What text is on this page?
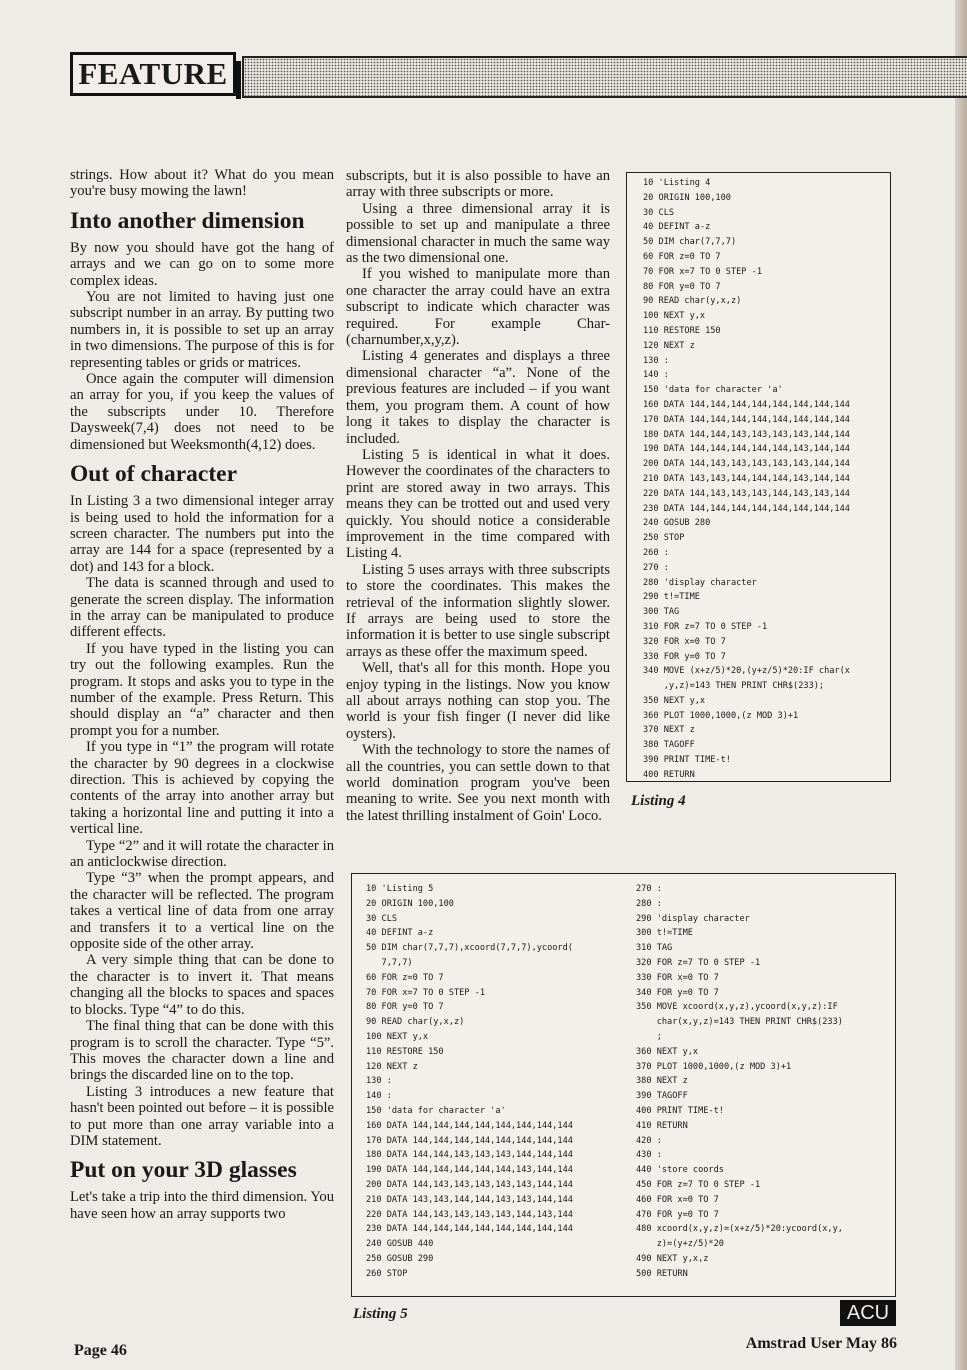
FEATURE

strings. How about it? What do you mean you're busy mowing the lawn!

Into another dimension

By now you should have got the hang of arrays and we can go on to some more complex ideas.

You are not limited to having just one subscript number in an array. By putting two numbers in, it is possible to set up an array in two dimensions. The purpose of this is for representing tables or grids or matrices.

Once again the computer will dimension an array for you, if you keep the values of the subscripts under 10. Therefore Daysweek(7,4) does not need to be dimensioned but Weeksmonth(4,12) does.

Out of character

In Listing 3 a two dimensional integer array is being used to hold the information for a screen character. The numbers put into the array are 144 for a space (represented by a dot) and 143 for a block.

The data is scanned through and used to generate the screen display. The information in the array can be manipulated to produce different effects.

If you have typed in the listing you can try out the following examples. Run the program. It stops and asks you to type in the number of the example. Press Return. This should display an “a” character and then prompt you for a number.

If you type in “1” the program will rotate the character by 90 degrees in a clockwise direction. This is achieved by copying the contents of the array into another array but taking a horizontal line and putting it into a vertical line.

Type “2” and it will rotate the character in an anticlockwise direction.

Type “3” when the prompt appears, and the character will be reflected. The program takes a vertical line of data from one array and transfers it to a vertical line on the opposite side of the other array.

A very simple thing that can be done to the character is to invert it. That means changing all the blocks to spaces and spaces to blocks. Type “4” to do this.

The final thing that can be done with this program is to scroll the character. Type “5”. This moves the character down a line and brings the discarded line on to the top.

Listing 3 introduces a new feature that hasn't been pointed out before – it is possible to put more than one array variable into a DIM statement.

Put on your 3D glasses

Let's take a trip into the third dimension. You have seen how an array supports two

subscripts, but it is also possible to have an array with three subscripts or more.

Using a three dimensional array it is possible to set up and manipulate a three dimensional character in much the same way as the two dimensional one.

If you wished to manipulate more than one character the array could have an extra subscript to indicate which character was required. For example Char-(charnumber,x,y,z).

Listing 4 generates and displays a three dimensional character “a”. None of the previous features are included – if you want them, you program them. A count of how long it takes to display the character is included.

Listing 5 is identical in what it does. However the coordinates of the characters to print are stored away in two arrays. This means they can be trotted out and used very quickly. You should notice a considerable improvement in the time compared with Listing 4.

Listing 5 uses arrays with three subscripts to store the coordinates. This makes the retrieval of the information slightly slower. If arrays are being used to store the information it is better to use single subscript arrays as these offer the maximum speed.

Well, that's all for this month. Hope you enjoy typing in the listings. Now you know all about arrays nothing can stop you. The world is your fish finger (I never did like oysters).

With the technology to store the names of all the countries, you can settle down to that world domination program you've been meaning to write. See you next month with the latest thrilling instalment of Goin' Loco.

10 'Listing 4
20 ORIGIN 100,100
30 CLS
40 DEFINT a-z
50 DIM char(7,7,7)
60 FOR z=0 TO 7
70 FOR x=7 TO 0 STEP -1
80 FOR y=0 TO 7
90 READ char(y,x,z)
100 NEXT y,x
110 RESTORE 150
120 NEXT z
130 :
140 :
150 'data for character 'a'
160 DATA 144,144,144,144,144,144,144,144
170 DATA 144,144,144,144,144,144,144,144
180 DATA 144,144,143,143,143,143,144,144
190 DATA 144,144,144,144,144,143,144,144
200 DATA 144,143,143,143,143,143,144,144
210 DATA 143,143,144,144,144,143,144,144
220 DATA 144,143,143,143,144,143,143,144
230 DATA 144,144,144,144,144,144,144,144
240 GOSUB 280
250 STOP
260 :
270 :
280 'display character
290 t!=TIME
300 TAG
310 FOR z=7 TO 0 STEP -1
320 FOR x=0 TO 7
330 FOR y=0 TO 7
340 MOVE (x+z/5)*20,(y+z/5)*20:IF char(x
,y,z)=143 THEN PRINT CHR$(233);
350 NEXT y,x
360 PLOT 1000,1000,(z MOD 3)+1
370 NEXT z
380 TAGOFF
390 PRINT TIME-t!
400 RETURN
Listing 4
10 'Listing 5
20 ORIGIN 100,100
30 CLS
40 DEFINT a-z
50 DIM char(7,7,7),xcoord(7,7,7),ycoord(
7,7,7)
60 FOR z=0 TO 7
70 FOR x=7 TO 0 STEP -1
80 FOR y=0 TO 7
90 READ char(y,x,z)
100 NEXT y,x
110 RESTORE 150
120 NEXT z
130 :
140 :
150 'data for character 'a'
160 DATA 144,144,144,144,144,144,144,144
170 DATA 144,144,144,144,144,144,144,144
180 DATA 144,144,143,143,143,144,144,144
190 DATA 144,144,144,144,144,143,144,144
200 DATA 144,143,143,143,143,143,144,144
210 DATA 143,143,144,144,143,143,144,144
220 DATA 144,143,143,143,143,144,143,144
230 DATA 144,144,144,144,144,144,144,144
240 GOSUB 440
250 GOSUB 290
260 STOP
270 :
280 :
290 'display character
300 t!=TIME
310 TAG
320 FOR z=7 TO 0 STEP -1
330 FOR x=0 TO 7
340 FOR y=0 TO 7
350 MOVE xcoord(x,y,z),ycoord(x,y,z):IF
char(x,y,z)=143 THEN PRINT CHR$(233)
;
360 NEXT y,x
370 PLOT 1000,1000,(z MOD 3)+1
380 NEXT z
390 TAGOFF
400 PRINT TIME-t!
410 RETURN
420 :
430 :
440 'store coords
450 FOR z=7 TO 0 STEP -1
460 FOR x=0 TO 7
470 FOR y=0 TO 7
480 xcoord(x,y,z)=(x+z/5)*20:ycoord(x,y,
z)=(y+z/5)*20
490 NEXT y,x,z
500 RETURN
Listing 5	ACU
Page 46	Amstrad User May 86
